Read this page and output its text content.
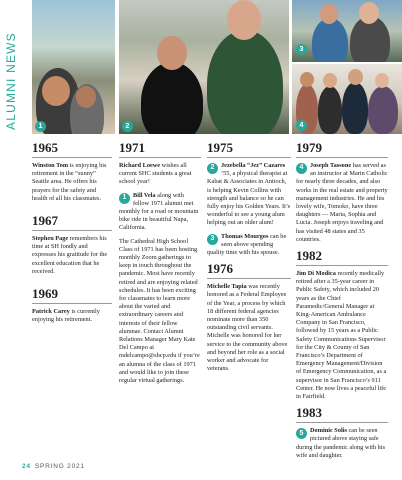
ALUMNI NEWS	1	2
3
4
1965
Winston Tom is enjoying his retirement in the “sunny” Seattle area. He offers his prayers for the safety and health of all his classmates.
1967
Stephen Page remembers his time at SH fondly and expresses his gratitude for the excellent education that he received.
1969
Patrick Carey is currently enjoying his retirement.
1971
Richard Loewe wishes all current SHC students a great school year!
1	Bill Vela along with fellow 1971 alumni met monthly for a road or mountain bike ride in beautiful Napa, California.
The Cathedral High School Class of 1971 has been hosting monthly Zoom gatherings to keep in touch throughout the pandemic. Most have recently retired and are enjoying related schedules. It has been exciting for classmates to learn more about the varied and extraordinary careers and interests of their fellow alumnae. Contact Alumni Relations Manager Mary Kate Del Campo at mdelcampo@shcp.edu if you’re an alumna of the class of 1971 and would like to join these regular virtual gatherings.
1975
2	Jezebella “Jez” Cazares ’55, a physical therapist at Kabat & Associates in Antioch, is helping Kevin Collins with strength and balance so he can fully enjoy his Golden Years. It’s wonderful to see a young alum helping out an older alum!
3	Thomas Mourgos can be seen above spending quality time with his spouse.
1976
Michelle Tapia was recently honored as a Federal Employee of the Year, a process by which 18 different federal agencies nominate more than 350 outstanding civil servants. Michelle was honored for her service to the community above and beyond her role as a social worker and advocate for veterans.
1979
4	Joseph Tassone has served as an instructor at Marin Catholic for nearly three decades, and also works in the real estate and property management industries. He and his lovely wife, Tomoko, have three daughters — Maria, Sophia and Lucia. Joseph enjoys traveling and has visited 48 states and 35 countries.
1982
Jim Di Modica recently medically retired after a 35-year career in Public Safety, which included 20 years as the Chief Paramedic/General Manager at King-American Ambulance Company in San Francisco, followed by 15 years as a Public Safety Communications Supervisor for the City & County of San Francisco’s Department of Emergency Management/Division of Emergency Communication, as a supervisor in San Francisco’s 911 Center. He now lives a peaceful life in Fairfield.
1983
5	Dominic Solis can be seen pictured above staying safe during the pandemic along with his wife and daughter.
24 SPRING 2021
